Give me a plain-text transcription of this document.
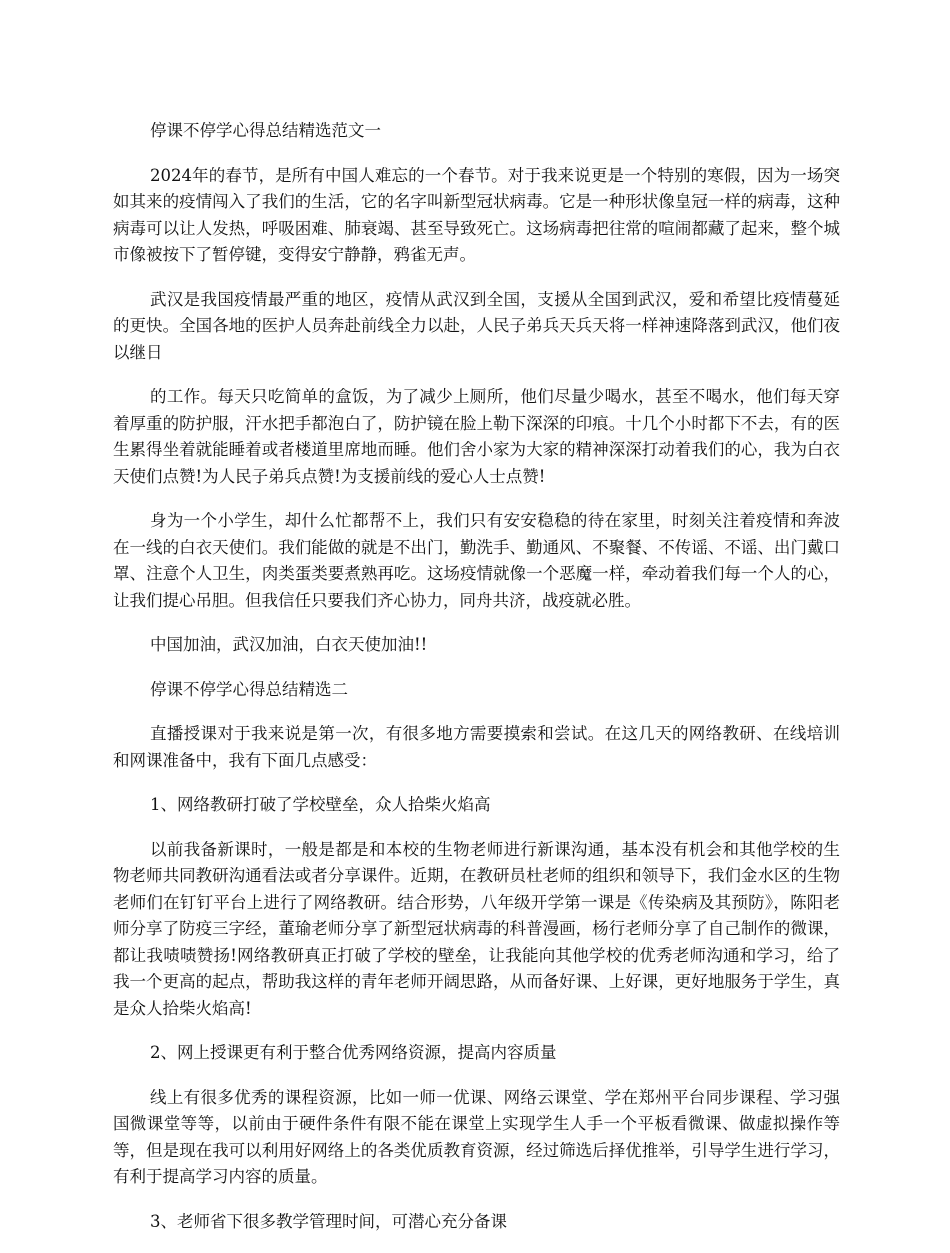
停课不停学心得总结精选范文一

2024年的春节，是所有中国人难忘的一个春节。对于我来说更是一个特别的寒假，因为一场突如其来的疫情闯入了我们的生活，它的名字叫新型冠状病毒。它是一种形状像皇冠一样的病毒，这种病毒可以让人发热，呼吸困难、肺衰竭、甚至导致死亡。这场病毒把往常的喧闹都藏了起来，整个城市像被按下了暂停键，变得安宁静静，鸦雀无声。

武汉是我国疫情最严重的地区，疫情从武汉到全国，支援从全国到武汉，爱和希望比疫情蔓延的更快。全国各地的医护人员奔赴前线全力以赴，人民子弟兵天兵天将一样神速降落到武汉，他们夜以继日

的工作。每天只吃简单的盒饭，为了减少上厕所，他们尽量少喝水，甚至不喝水，他们每天穿着厚重的防护服，汗水把手都泡白了，防护镜在脸上勒下深深的印痕。十几个小时都下不去，有的医生累得坐着就能睡着或者楼道里席地而睡。他们舍小家为大家的精神深深打动着我们的心，我为白衣天使们点赞!为人民子弟兵点赞!为支援前线的爱心人士点赞!

身为一个小学生，却什么忙都帮不上，我们只有安安稳稳的待在家里，时刻关注着疫情和奔波在一线的白衣天使们。我们能做的就是不出门，勤洗手、勤通风、不聚餐、不传谣、不谣、出门戴口罩、注意个人卫生，肉类蛋类要煮熟再吃。这场疫情就像一个恶魔一样，牵动着我们每一个人的心，让我们提心吊胆。但我信任只要我们齐心协力，同舟共济，战疫就必胜。

中国加油，武汉加油，白衣天使加油!!

停课不停学心得总结精选二

直播授课对于我来说是第一次，有很多地方需要摸索和尝试。在这几天的网络教研、在线培训和网课准备中，我有下面几点感受：

1、网络教研打破了学校壁垒，众人拾柴火焰高

以前我备新课时，一般是都是和本校的生物老师进行新课沟通，基本没有机会和其他学校的生物老师共同教研沟通看法或者分享课件。近期，在教研员杜老师的组织和领导下，我们金水区的生物老师们在钉钉平台上进行了网络教研。结合形势，八年级开学第一课是《传染病及其预防》，陈阳老师分享了防疫三字经，董瑜老师分享了新型冠状病毒的科普漫画，杨行老师分享了自己制作的微课，都让我啧啧赞扬!网络教研真正打破了学校的壁垒，让我能向其他学校的优秀老师沟通和学习，给了我一个更高的起点，帮助我这样的青年老师开阔思路，从而备好课、上好课，更好地服务于学生，真是众人拾柴火焰高!

2、网上授课更有利于整合优秀网络资源，提高内容质量

线上有很多优秀的课程资源，比如一师一优课、网络云课堂、学在郑州平台同步课程、学习强国微课堂等等，以前由于硬件条件有限不能在课堂上实现学生人手一个平板看微课、做虚拟操作等等，但是现在我可以利用好网络上的各类优质教育资源，经过筛选后择优推举，引导学生进行学习，有利于提高学习内容的质量。

3、老师省下很多教学管理时间，可潜心充分备课
